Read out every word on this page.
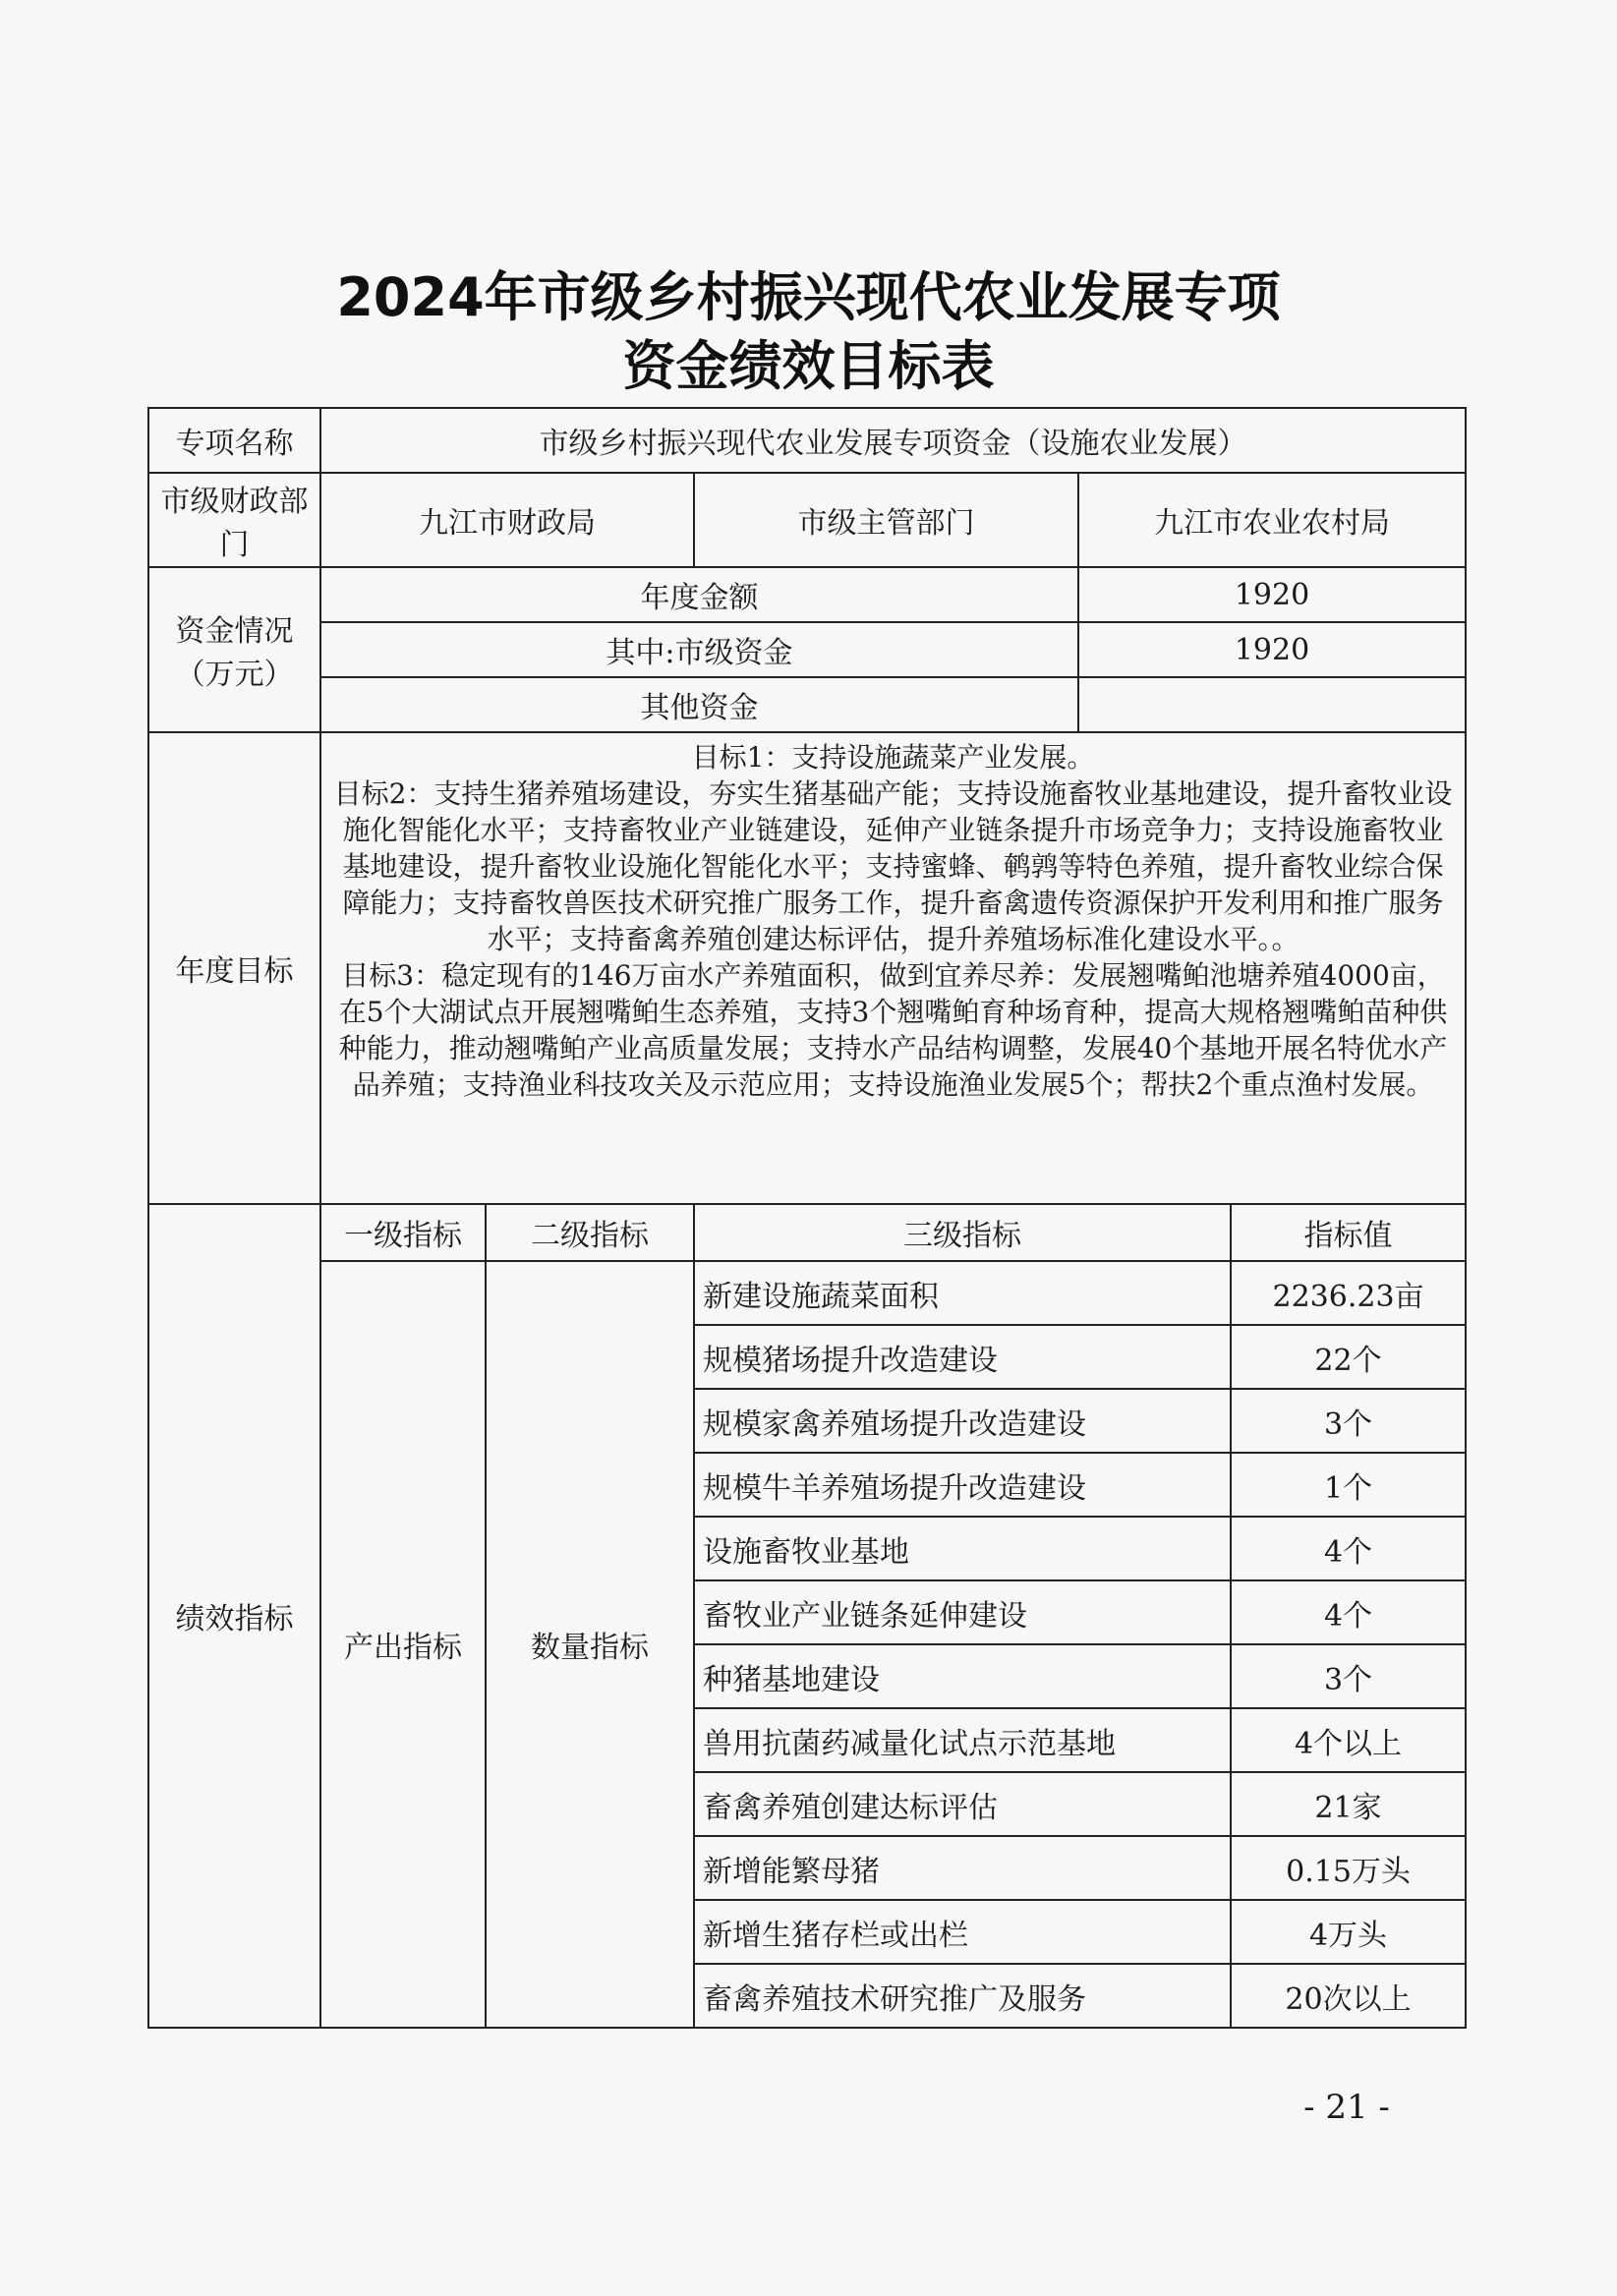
2024年市级乡村振兴现代农业发展专项
资金绩效目标表
专项名称	市级乡村振兴现代农业发展专项资金（设施农业发展）				
市级财政部门	九江市财政局		市级主管部门	九江市农业农村局	
资金情况（万元）	年度金额			1920	
	其中:市级资金			1920	
	其他资金				
年度目标	目标1：支持设施蔬菜产业发展。

目标2：支持生猪养殖场建设，夯实生猪基础产能；支持设施畜牧业基地建设，提升畜牧业设施化智能化水平；支持畜牧业产业链建设，延伸产业链条提升市场竞争力；支持设施畜牧业基地建设，提升畜牧业设施化智能化水平；支持蜜蜂、鹌鹑等特色养殖，提升畜牧业综合保障能力；支持畜牧兽医技术研究推广服务工作，提升畜禽遗传资源保护开发利用和推广服务水平；支持畜禽养殖创建达标评估，提升养殖场标准化建设水平。。

目标3：稳定现有的146万亩水产养殖面积，做到宜养尽养：发展翘嘴鲌池塘养殖4000亩，在5个大湖试点开展翘嘴鲌生态养殖，支持3个翘嘴鲌育种场育种，提高大规格翘嘴鲌苗种供种能力，推动翘嘴鲌产业高质量发展；支持水产品结构调整，发展40个基地开展名特优水产品养殖；支持渔业科技攻关及示范应用；支持设施渔业发展5个；帮扶2个重点渔村发展。				

绩效指标	一级指标	二级指标	三级指标		指标值
	产出指标	数量指标	新建设施蔬菜面积		2236.23亩
			规模猪场提升改造建设		22个
			规模家禽养殖场提升改造建设		3个
			规模牛羊养殖场提升改造建设		1个
			设施畜牧业基地		4个
			畜牧业产业链条延伸建设		4个
			种猪基地建设		3个
			兽用抗菌药减量化试点示范基地		4个以上
			畜禽养殖创建达标评估		21家
			新增能繁母猪		0.15万头
			新增生猪存栏或出栏		4万头
			畜禽养殖技术研究推广及服务		20次以上
- 21 -
